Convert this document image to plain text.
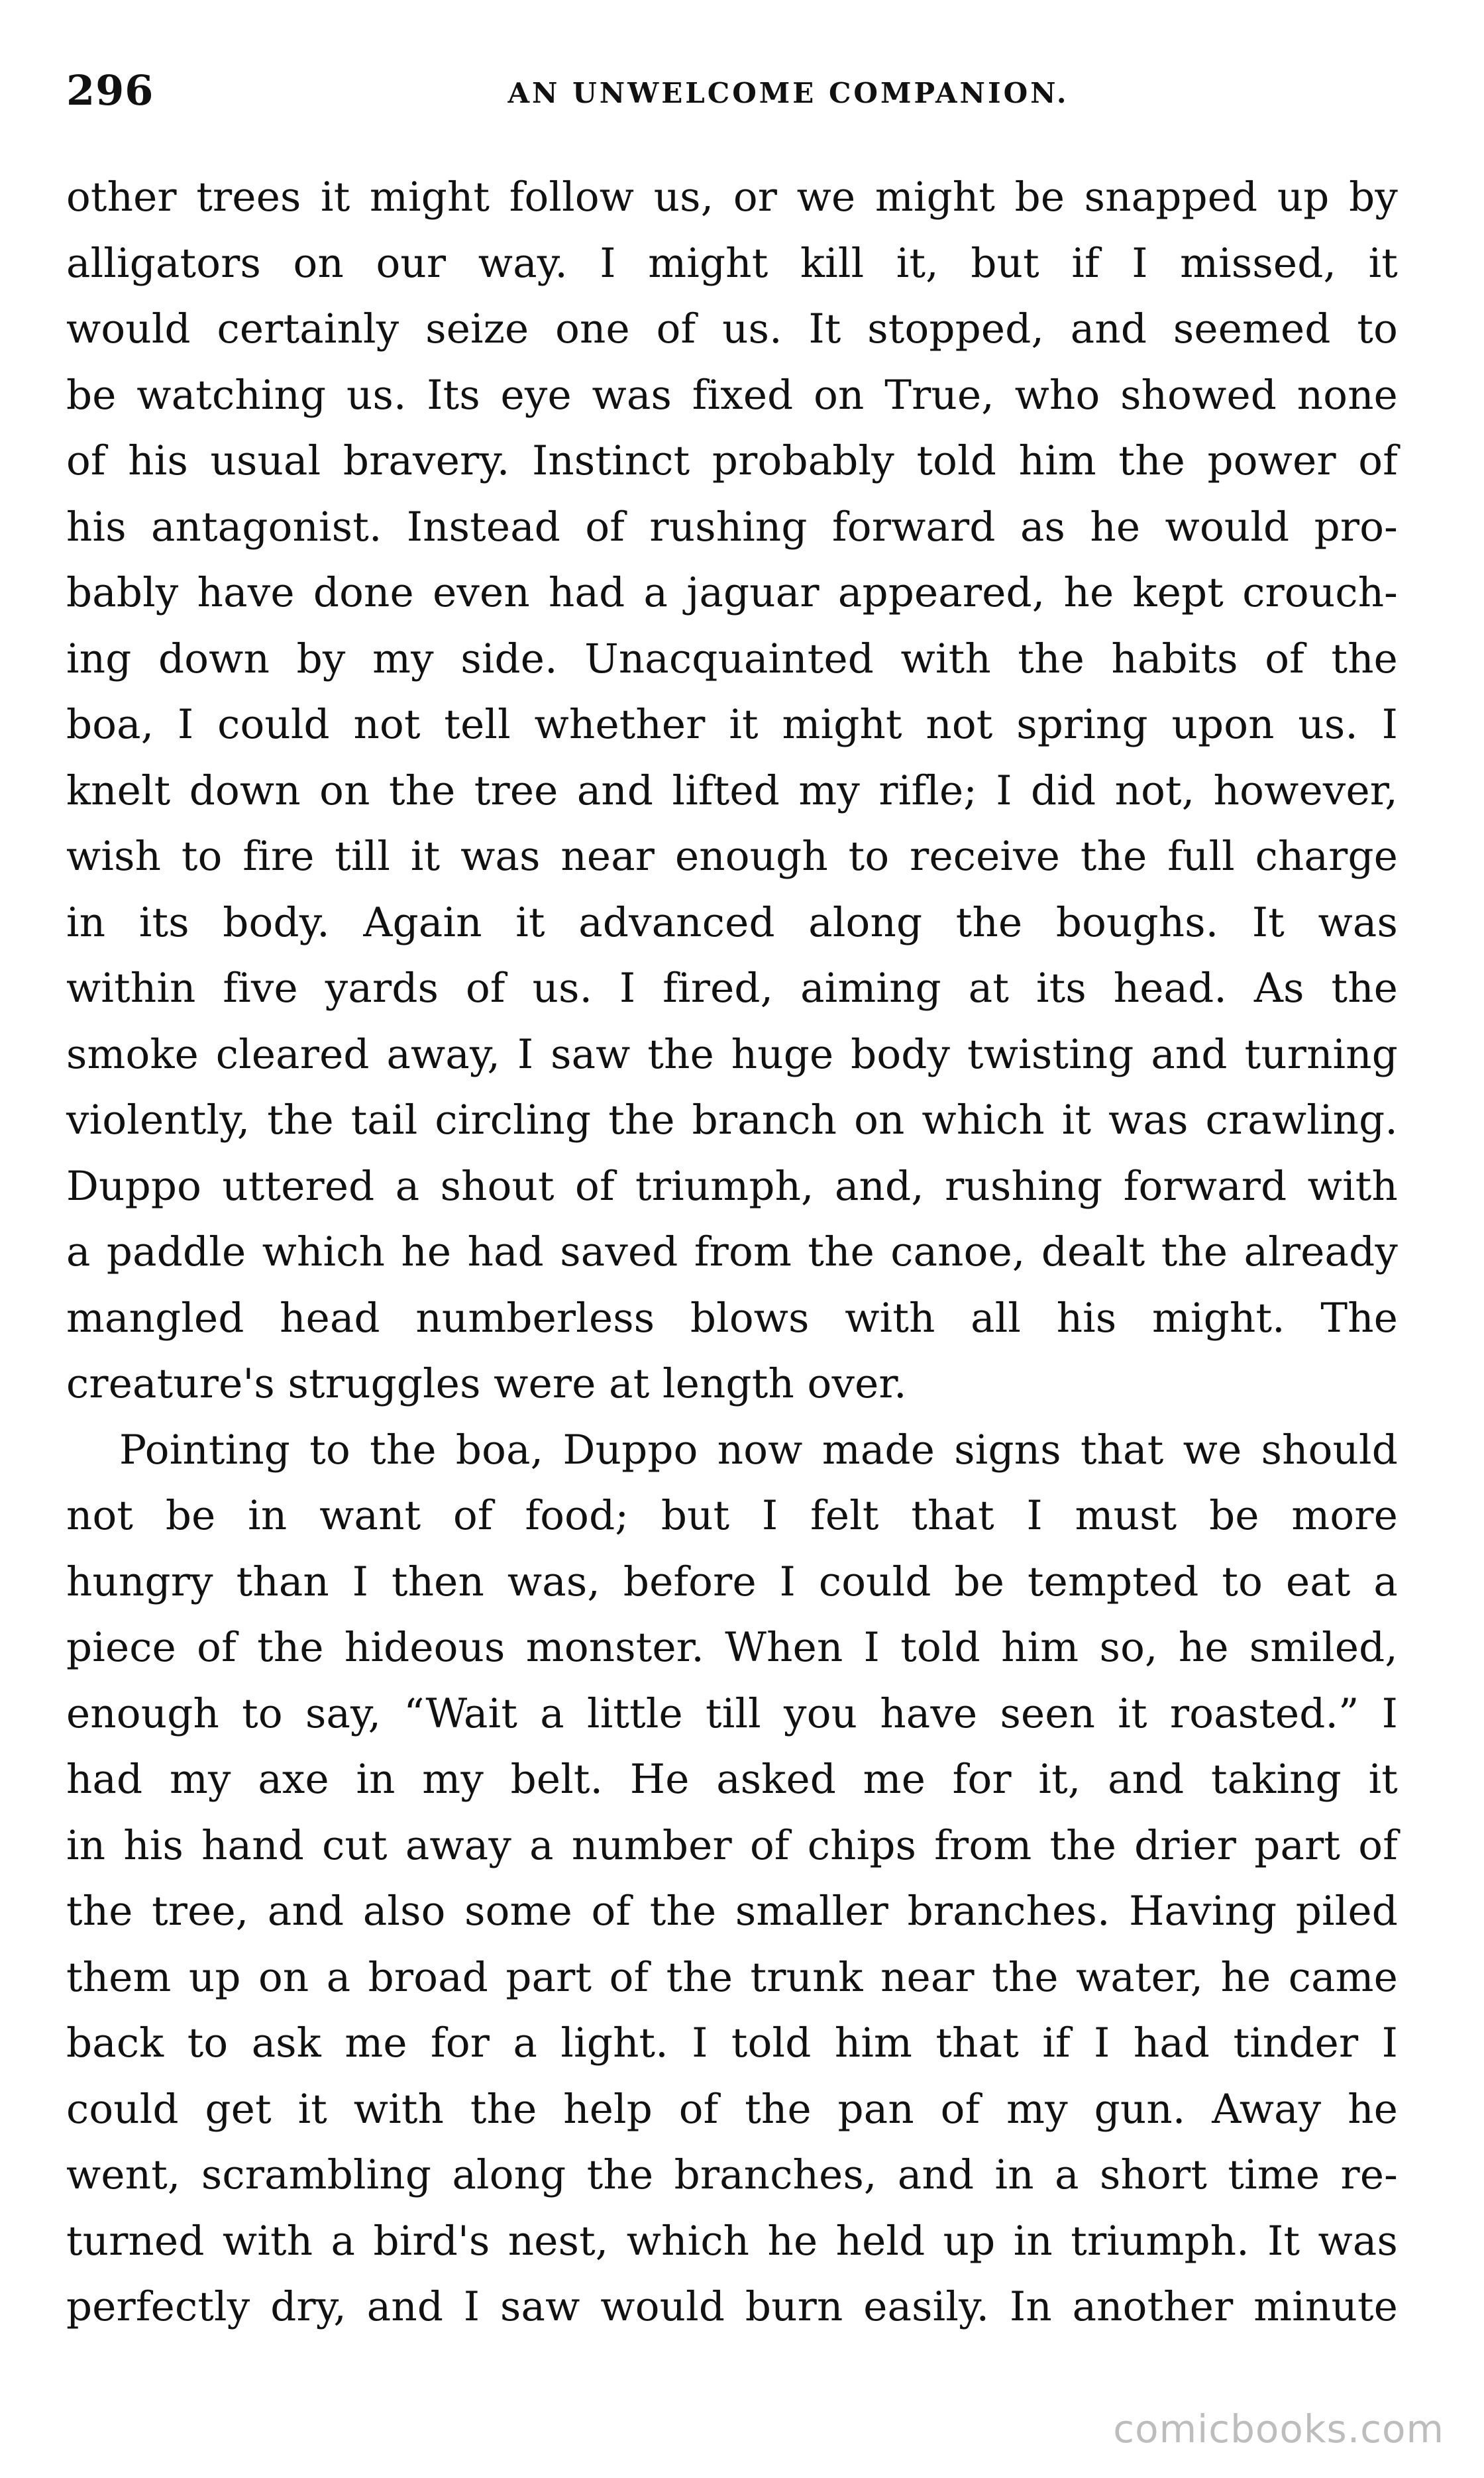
296	AN UNWELCOME COMPANION.
other trees it might follow us, or we might be snapped up by
alligators on our way. I might kill it, but if I missed, it
would certainly seize one of us. It stopped, and seemed to
be watching us. Its eye was fixed on True, who showed none
of his usual bravery. Instinct probably told him the power of
his antagonist. Instead of rushing forward as he would pro-
bably have done even had a jaguar appeared, he kept crouch-
ing down by my side. Unacquainted with the habits of the
boa, I could not tell whether it might not spring upon us. I
knelt down on the tree and lifted my rifle; I did not, however,
wish to fire till it was near enough to receive the full charge
in its body. Again it advanced along the boughs. It was
within five yards of us. I fired, aiming at its head. As the
smoke cleared away, I saw the huge body twisting and turning
violently, the tail circling the branch on which it was crawling.
Duppo uttered a shout of triumph, and, rushing forward with
a paddle which he had saved from the canoe, dealt the already
mangled head numberless blows with all his might. The
creature's struggles were at length over.
Pointing to the boa, Duppo now made signs that we should
not be in want of food; but I felt that I must be more
hungry than I then was, before I could be tempted to eat a
piece of the hideous monster. When I told him so, he smiled,
enough to say, “Wait a little till you have seen it roasted.” I
had my axe in my belt. He asked me for it, and taking it
in his hand cut away a number of chips from the drier part of
the tree, and also some of the smaller branches. Having piled
them up on a broad part of the trunk near the water, he came
back to ask me for a light. I told him that if I had tinder I
could get it with the help of the pan of my gun. Away he
went, scrambling along the branches, and in a short time re-
turned with a bird's nest, which he held up in triumph. It was
perfectly dry, and I saw would burn easily. In another minute
comicbooks.com
